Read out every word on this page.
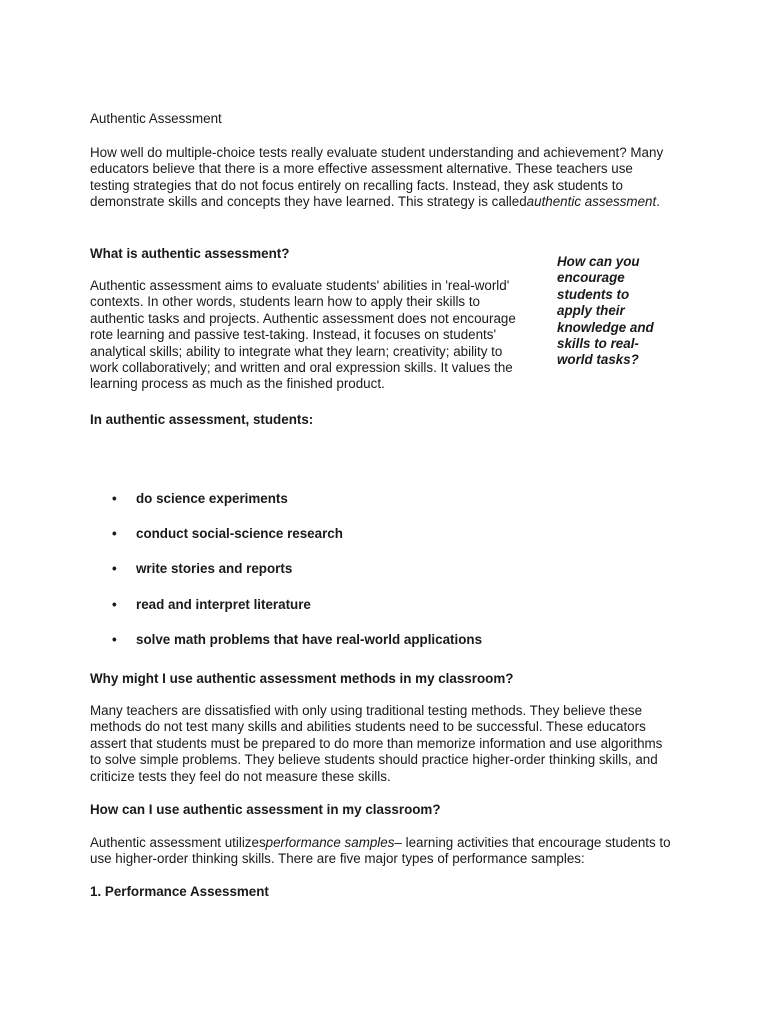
Authentic Assessment

How well do multiple-choice tests really evaluate student understanding and achievement? Many educators believe that there is a more effective assessment alternative. These teachers use testing strategies that do not focus entirely on recalling facts. Instead, they ask students to demonstrate skills and concepts they have learned. This strategy is calledauthentic assessment.

What is authentic assessment?

Authentic assessment aims to evaluate students' abilities in 'real-world' contexts. In other words, students learn how to apply their skills to authentic tasks and projects. Authentic assessment does not encourage rote learning and passive test-taking. Instead, it focuses on students' analytical skills; ability to integrate what they learn; creativity; ability to work collaboratively; and written and oral expression skills. It values the learning process as much as the finished product.

How can you encourage students to apply their knowledge and skills to real-world tasks?

In authentic assessment, students:

• do science experiments
• conduct social-science research
• write stories and reports
• read and interpret literature
• solve math problems that have real-world applications

Why might I use authentic assessment methods in my classroom?

Many teachers are dissatisfied with only using traditional testing methods. They believe these methods do not test many skills and abilities students need to be successful. These educators assert that students must be prepared to do more than memorize information and use algorithms to solve simple problems. They believe students should practice higher-order thinking skills, and criticize tests they feel do not measure these skills.

How can I use authentic assessment in my classroom?

Authentic assessment utilizesperformance samples– learning activities that encourage students to use higher-order thinking skills. There are five major types of performance samples:

1. Performance Assessment
